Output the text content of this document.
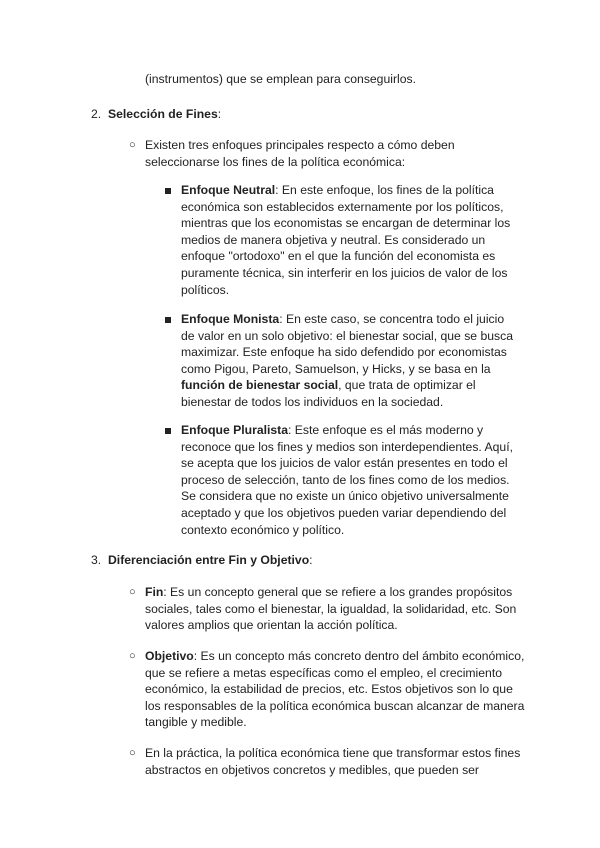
(instrumentos) que se emplean para conseguirlos.

2. Selección de Fines:
○ Existen tres enfoques principales respecto a cómo deben seleccionarse los fines de la política económica:

Enfoque Neutral: En este enfoque, los fines de la política económica son establecidos externamente por los políticos, mientras que los economistas se encargan de determinar los medios de manera objetiva y neutral. Es considerado un enfoque "ortodoxo" en el que la función del economista es puramente técnica, sin interferir en los juicios de valor de los políticos.

Enfoque Monista: En este caso, se concentra todo el juicio de valor en un solo objetivo: el bienestar social, que se busca maximizar. Este enfoque ha sido defendido por economistas como Pigou, Pareto, Samuelson, y Hicks, y se basa en la función de bienestar social, que trata de optimizar el bienestar de todos los individuos en la sociedad.

Enfoque Pluralista: Este enfoque es el más moderno y reconoce que los fines y medios son interdependientes. Aquí, se acepta que los juicios de valor están presentes en todo el proceso de selección, tanto de los fines como de los medios. Se considera que no existe un único objetivo universalmente aceptado y que los objetivos pueden variar dependiendo del contexto económico y político.

3. Diferenciación entre Fin y Objetivo:
○ Fin: Es un concepto general que se refiere a los grandes propósitos sociales, tales como el bienestar, la igualdad, la solidaridad, etc. Son valores amplios que orientan la acción política.

○ Objetivo: Es un concepto más concreto dentro del ámbito económico, que se refiere a metas específicas como el empleo, el crecimiento económico, la estabilidad de precios, etc. Estos objetivos son lo que los responsables de la política económica buscan alcanzar de manera tangible y medible.

○ En la práctica, la política económica tiene que transformar estos fines abstractos en objetivos concretos y medibles, que pueden ser
